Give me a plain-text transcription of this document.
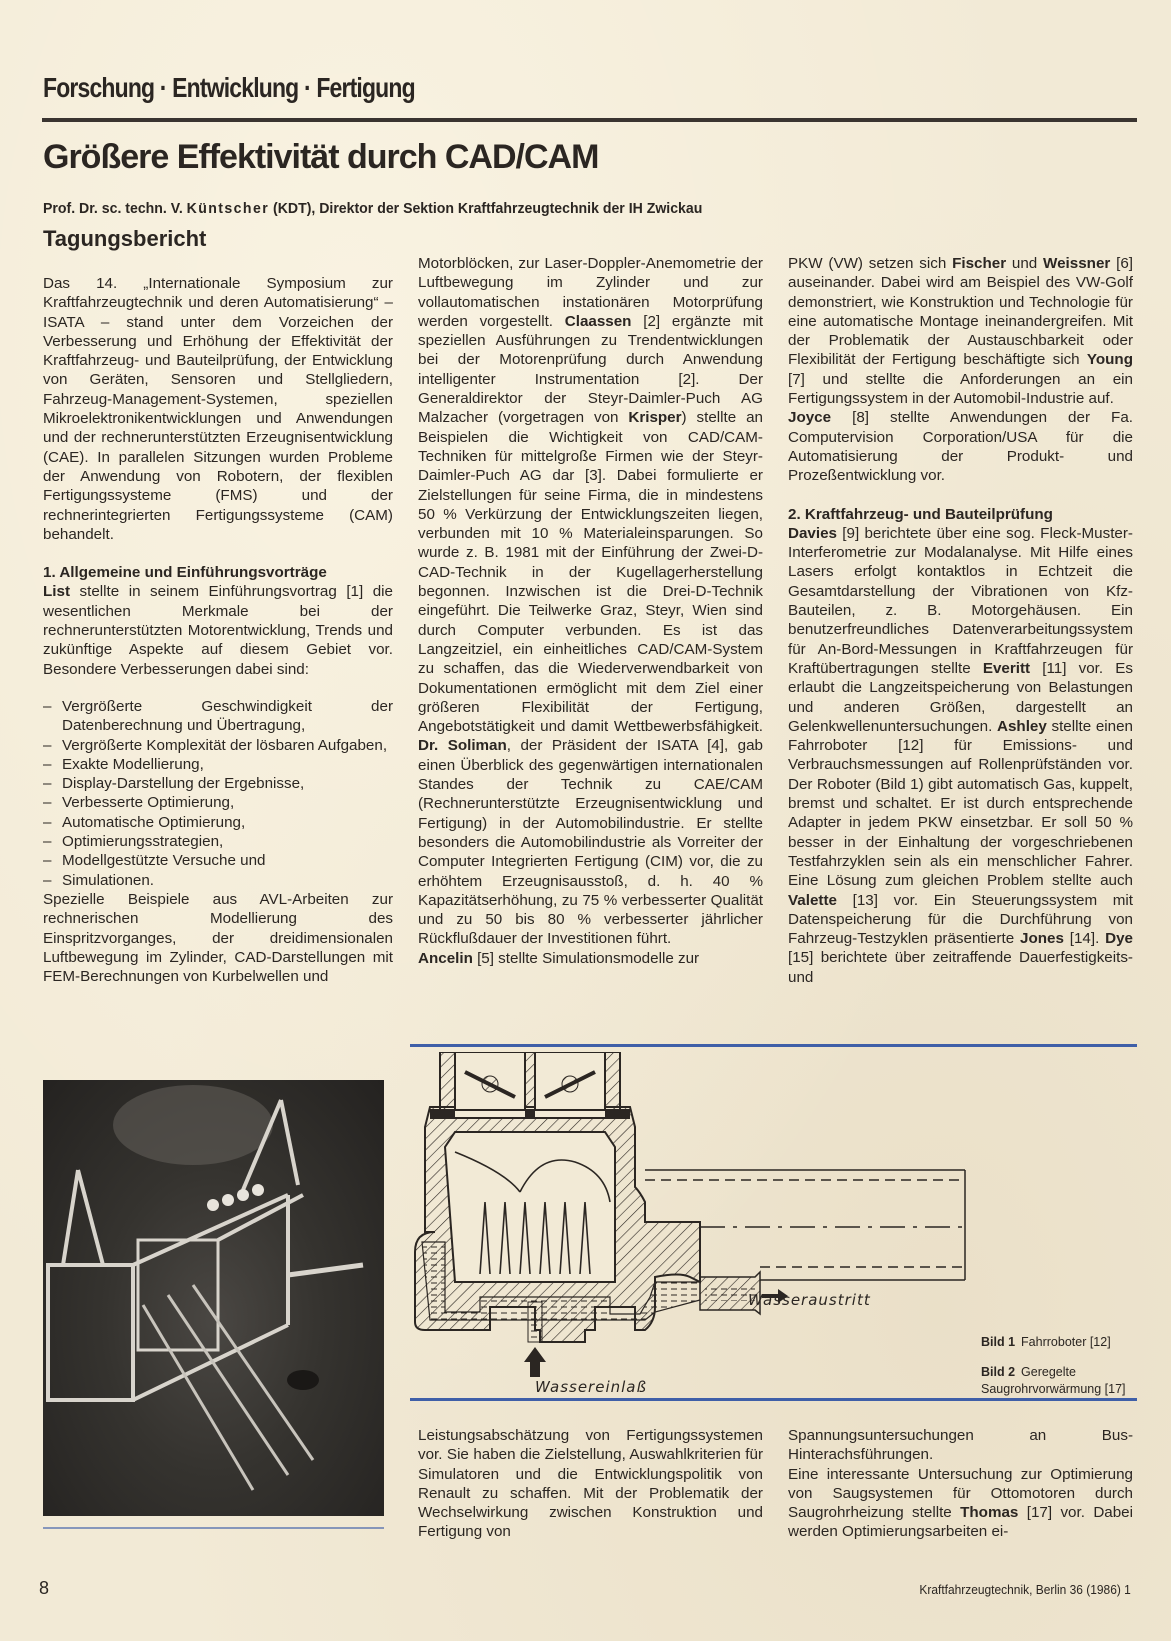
Forschung · Entwicklung · Fertigung
Größere Effektivität durch CAD/CAM
Prof. Dr. sc. techn. V. Küntscher (KDT), Direktor der Sektion Kraftfahrzeugtechnik der IH Zwickau
Tagungsbericht

Das 14. „Internationale Symposium zur Kraftfahrzeugtechnik und deren Automatisierung“ – ISATA – stand unter dem Vorzeichen der Verbesserung und Erhöhung der Effektivität der Kraftfahrzeug- und Bauteilprüfung, der Entwicklung von Geräten, Sensoren und Stellgliedern, Fahrzeug-Management-Systemen, speziellen Mikroelektronikentwicklungen und Anwendungen und der rechnerunterstützten Erzeugnisentwicklung (CAE). In parallelen Sitzungen wurden Probleme der Anwendung von Robotern, der flexiblen Fertigungssysteme (FMS) und der rechnerintegrierten Fertigungssysteme (CAM) behandelt.

1. Allgemeine und Einführungsvorträge

List stellte in seinem Einführungsvortrag [1] die wesentlichen Merkmale bei der rechnerunterstützten Motorentwicklung, Trends und zukünftige Aspekte auf diesem Gebiet vor. Besondere Verbesserungen dabei sind:

– Vergrößerte Geschwindigkeit der Datenberechnung und Übertragung,
– Vergrößerte Komplexität der lösbaren Aufgaben,
– Exakte Modellierung,
– Display-Darstellung der Ergebnisse,
– Verbesserte Optimierung,
– Automatische Optimierung,
– Optimierungsstrategien,
– Modellgestützte Versuche und
– Simulationen.

Spezielle Beispiele aus AVL-Arbeiten zur rechnerischen Modellierung des Einspritzvorganges, der dreidimensionalen Luftbewegung im Zylinder, CAD-Darstellungen mit FEM-Berechnungen von Kurbelwellen und

Motorblöcken, zur Laser-Doppler-Anemometrie der Luftbewegung im Zylinder und zur vollautomatischen instationären Motorprüfung werden vorgestellt. Claassen [2] ergänzte mit speziellen Ausführungen zu Trendentwicklungen bei der Motorenprüfung durch Anwendung intelligenter Instrumentation [2]. Der Generaldirektor der Steyr-Daimler-Puch AG Malzacher (vorgetragen von Krisper) stellte an Beispielen die Wichtigkeit von CAD/CAM-Techniken für mittelgroße Firmen wie der Steyr-Daimler-Puch AG dar [3]. Dabei formulierte er Zielstellungen für seine Firma, die in mindestens 50 % Verkürzung der Entwicklungszeiten liegen, verbunden mit 10 % Materialeinsparungen. So wurde z. B. 1981 mit der Einführung der Zwei-D-CAD-Technik in der Kugellagerherstellung begonnen. Inzwischen ist die Drei-D-Technik eingeführt. Die Teilwerke Graz, Steyr, Wien sind durch Computer verbunden. Es ist das Langzeitziel, ein einheitliches CAD/CAM-System zu schaffen, das die Wiederverwendbarkeit von Dokumentationen ermöglicht mit dem Ziel einer größeren Flexibilität der Fertigung, Angebotstätigkeit und damit Wettbewerbsfähigkeit. Dr. Soliman, der Präsident der ISATA [4], gab einen Überblick des gegenwärtigen internationalen Standes der Technik zu CAE/CAM (Rechnerunterstützte Erzeugnisentwicklung und Fertigung) in der Automobilindustrie. Er stellte besonders die Automobilindustrie als Vorreiter der Computer Integrierten Fertigung (CIM) vor, die zu erhöhtem Erzeugnisausstoß, d. h. 40 % Kapazitätserhöhung, zu 75 % verbesserter Qualität und zu 50 bis 80 % verbesserter jährlicher Rückflußdauer der Investitionen führt.

Ancelin [5] stellte Simulationsmodelle zur

PKW (VW) setzen sich Fischer und Weissner [6] auseinander. Dabei wird am Beispiel des VW-Golf demonstriert, wie Konstruktion und Technologie für eine automatische Montage ineinandergreifen. Mit der Problematik der Austauschbarkeit oder Flexibilität der Fertigung beschäftigte sich Young [7] und stellte die Anforderungen an ein Fertigungssystem in der Automobil-Industrie auf.

Joyce [8] stellte Anwendungen der Fa. Computervision Corporation/USA für die Automatisierung der Produkt- und Prozeßentwicklung vor.

2. Kraftfahrzeug- und Bauteilprüfung

Davies [9] berichtete über eine sog. Fleck-Muster-Interferometrie zur Modalanalyse. Mit Hilfe eines Lasers erfolgt kontaktlos in Echtzeit die Gesamtdarstellung der Vibrationen von Kfz-Bauteilen, z. B. Motorgehäusen. Ein benutzerfreundliches Datenverarbeitungssystem für An-Bord-Messungen in Kraftfahrzeugen für Kraftübertragungen stellte Everitt [11] vor. Es erlaubt die Langzeitspeicherung von Belastungen und anderen Größen, dargestellt an Gelenkwellenuntersuchungen. Ashley stellte einen Fahrroboter [12] für Emissions- und Verbrauchsmessungen auf Rollenprüfständen vor. Der Roboter (Bild 1) gibt automatisch Gas, kuppelt, bremst und schaltet. Er ist durch entsprechende Adapter in jedem PKW einsetzbar. Er soll 50 % besser in der Einhaltung der vorgeschriebenen Testfahrzyklen sein als ein menschlicher Fahrer. Eine Lösung zum gleichen Problem stellte auch Valette [13] vor. Ein Steuerungssystem mit Datenspeicherung für die Durchführung von Fahrzeug-Testzyklen präsentierte Jones [14]. Dye [15] berichtete über zeitraffende Dauerfestigkeits- und

Wasseraustritt
Wassereinlaß
Bild 1 Fahrroboter [12]
Bild 2 Geregelte Saugrohrvorwärmung [17]

Leistungsabschätzung von Fertigungssystemen vor. Sie haben die Zielstellung, Auswahlkriterien für Simulatoren und die Entwicklungspolitik von Renault zu schaffen. Mit der Problematik der Wechselwirkung zwischen Konstruktion und Fertigung von

Spannungsuntersuchungen an Bus-Hinterachsführungen.

Eine interessante Untersuchung zur Optimierung von Saugsystemen für Ottomotoren durch Saugrohrheizung stellte Thomas [17] vor. Dabei werden Optimierungsarbeiten ei-

8	Kraftfahrzeugtechnik, Berlin 36 (1986) 1
